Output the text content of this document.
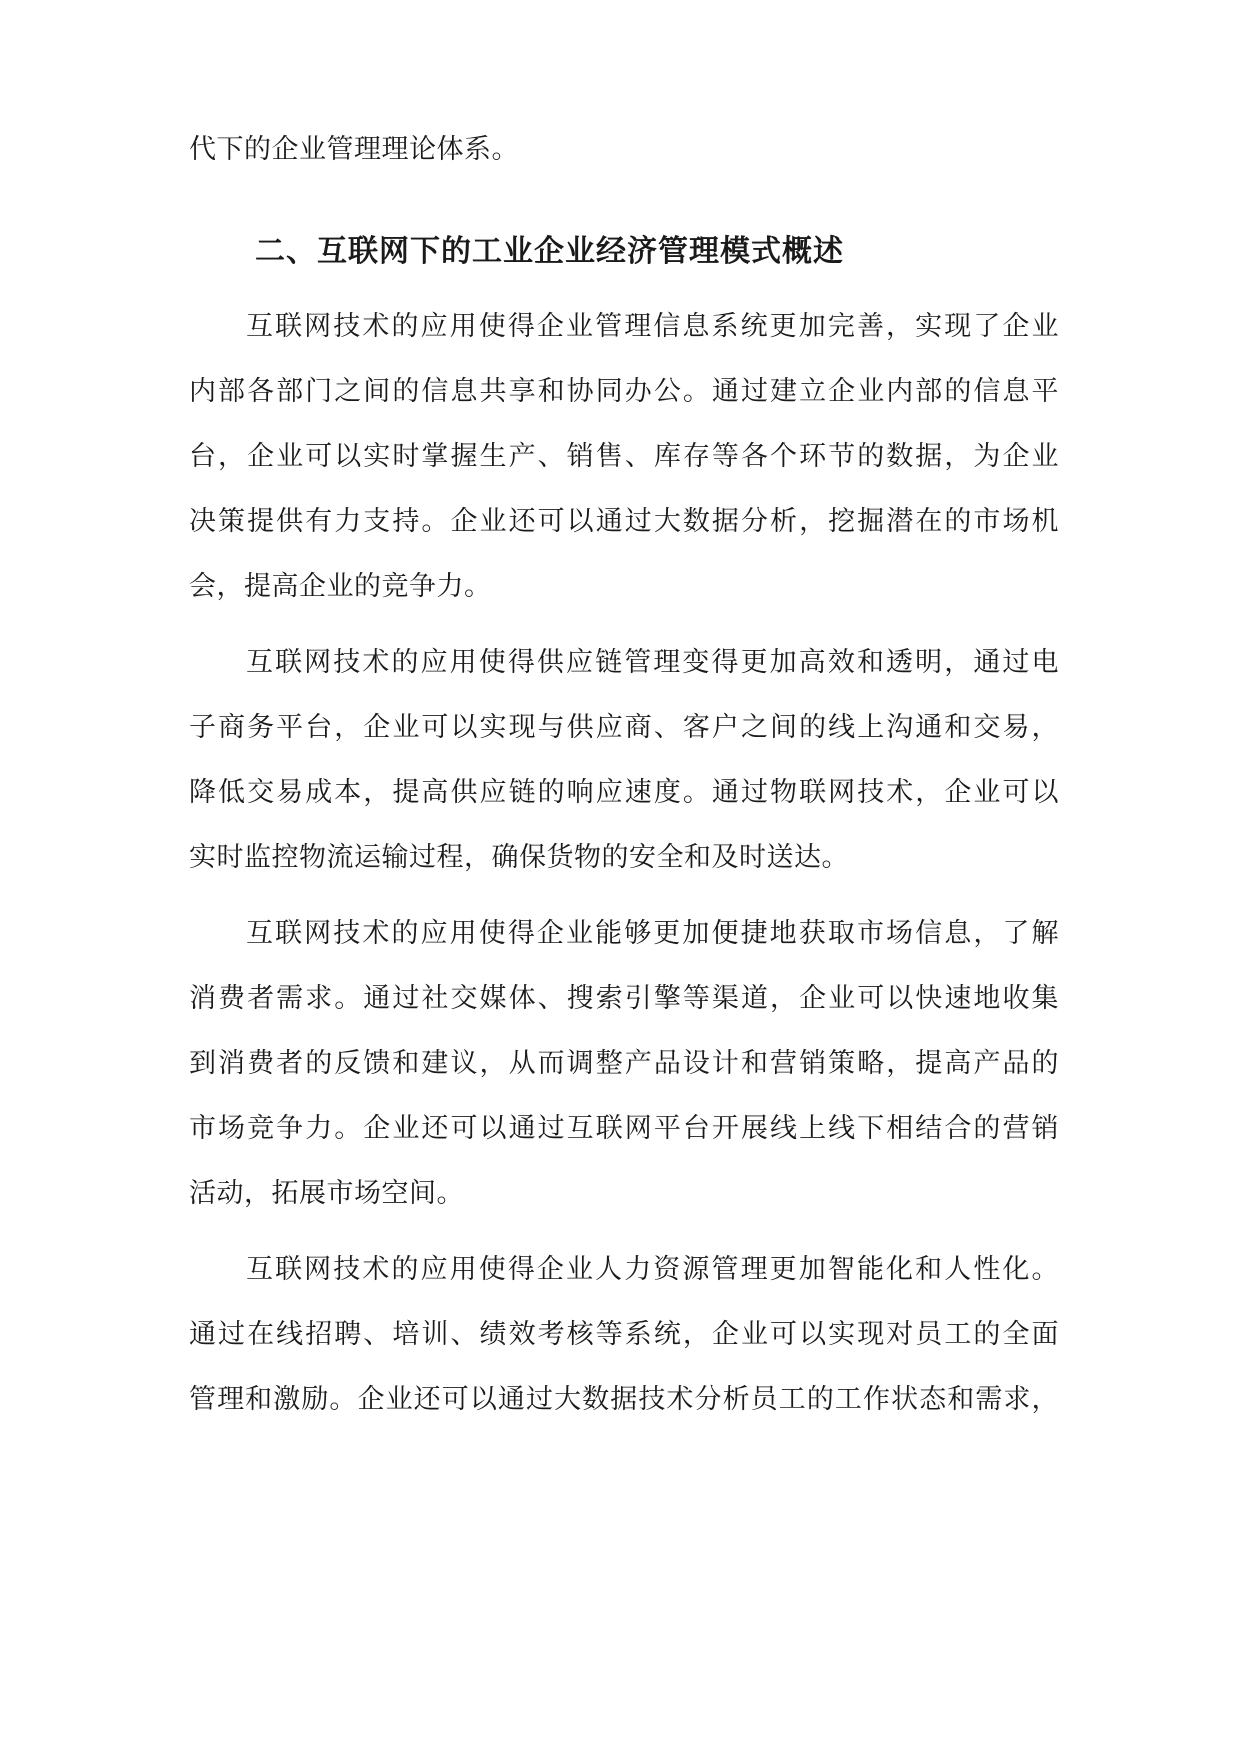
代下的企业管理理论体系。
二、互联网下的工业企业经济管理模式概述
互联网技术的应用使得企业管理信息系统更加完善，实现了企业
内部各部门之间的信息共享和协同办公。通过建立企业内部的信息平
台，企业可以实时掌握生产、销售、库存等各个环节的数据，为企业
决策提供有力支持。企业还可以通过大数据分析，挖掘潜在的市场机
会，提高企业的竞争力。
互联网技术的应用使得供应链管理变得更加高效和透明，通过电
子商务平台，企业可以实现与供应商、客户之间的线上沟通和交易，
降低交易成本，提高供应链的响应速度。通过物联网技术，企业可以
实时监控物流运输过程，确保货物的安全和及时送达。
互联网技术的应用使得企业能够更加便捷地获取市场信息，了解
消费者需求。通过社交媒体、搜索引擎等渠道，企业可以快速地收集
到消费者的反馈和建议，从而调整产品设计和营销策略，提高产品的
市场竞争力。企业还可以通过互联网平台开展线上线下相结合的营销
活动，拓展市场空间。
互联网技术的应用使得企业人力资源管理更加智能化和人性化。
通过在线招聘、培训、绩效考核等系统，企业可以实现对员工的全面
管理和激励。企业还可以通过大数据技术分析员工的工作状态和需求，
